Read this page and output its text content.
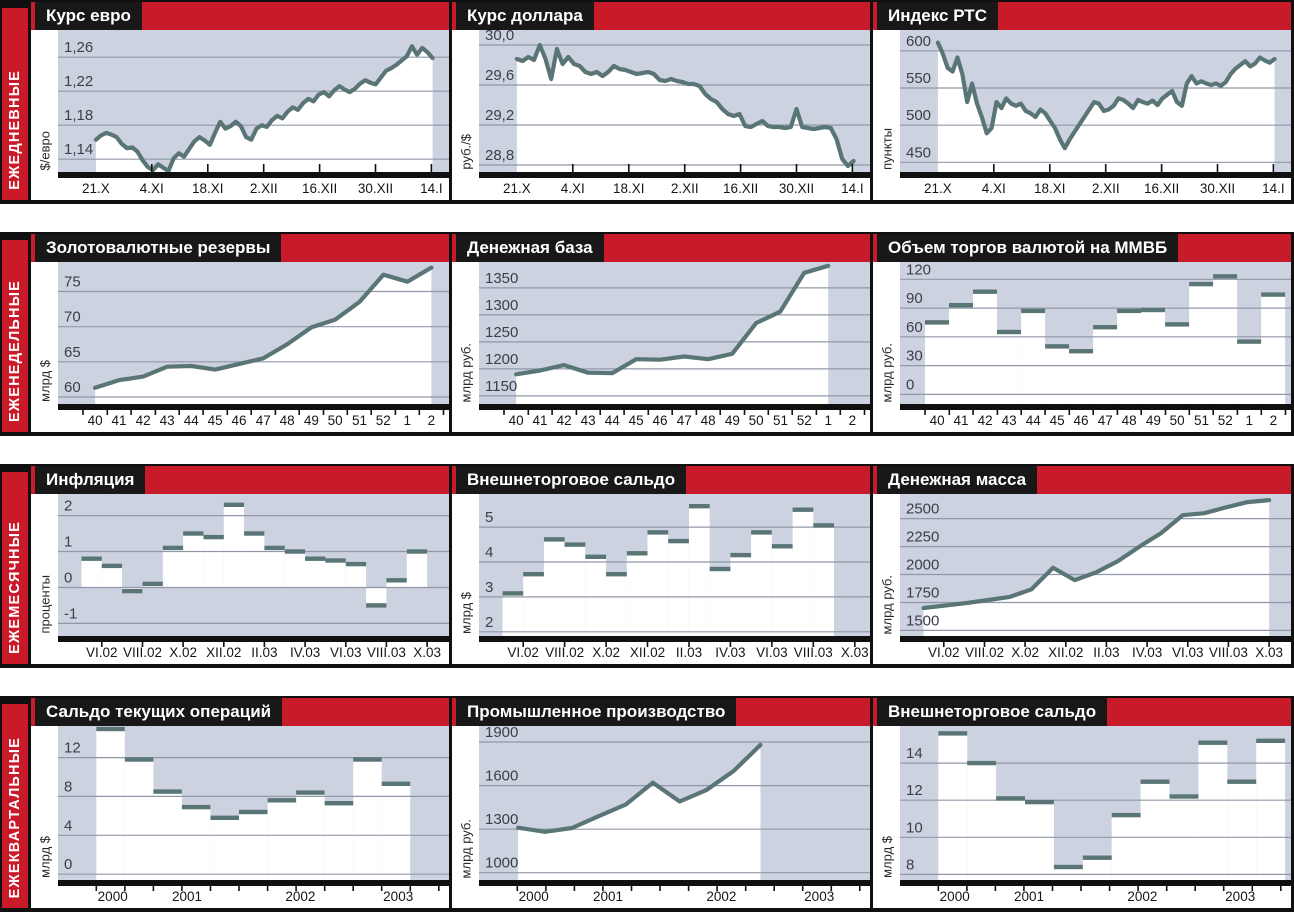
ЕЖЕДНЕВНЫЕ
Курс евро
$/евро
1,26
1,22
1,18
1,14
21.X 4.XI 18.XI 2.XII 16.XII 30.XII 14.I
Курс доллара
руб./$
30,0
29,6
29,2
28,8
21.X 4.XI 18.XI 2.XII 16.XII 30.XII 14.I
Индекс РТС
пункты
600
550
500
450
21.X 4.XI 18.XI 2.XII 16.XII 30.XII 14.I
ЕЖЕНЕДЕЛЬНЫЕ
Золотовалютные резервы
млрд $
75
70
65
60
40 41 42 43 44 45 46 47 48 49 50 51 52 1 2
Денежная база
млрд руб.
1350
1300
1250
1200
1150
40 41 42 43 44 45 46 47 48 49 50 51 52 1 2
Объем торгов валютой на ММВБ
млрд руб.
120
90
60
30
0
40 41 42 43 44 45 46 47 48 49 50 51 52 1 2
ЕЖЕМЕСЯЧНЫЕ
Инфляция
проценты
2
1
0
-1
VI.02 VIII.02 X.02 XII.02 II.03 IV.03 VI.03 VIII.03 X.03
Внешнеторговое сальдо
млрд $
5
4
3
2
VI.02 VIII.02 X.02 XII.02 II.03 IV.03 VI.03 VIII.03 X.03
Денежная масса
млрд руб.
2500
2250
2000
1750
1500
VI.02 VIII.02 X.02 XII.02 II.03 IV.03 VI.03 VIII.03 X.03
ЕЖЕКВАРТАЛЬНЫЕ
Сальдо текущих операций
млрд $
12
8
4
0
2000	2001	2002	2003
Промышленное производство
млрд руб.
1900
1600
1300
1000
2000	2001	2002	2003
Внешнеторговое сальдо
млрд $
14
12
10
8
2000	2001	2002	2003
